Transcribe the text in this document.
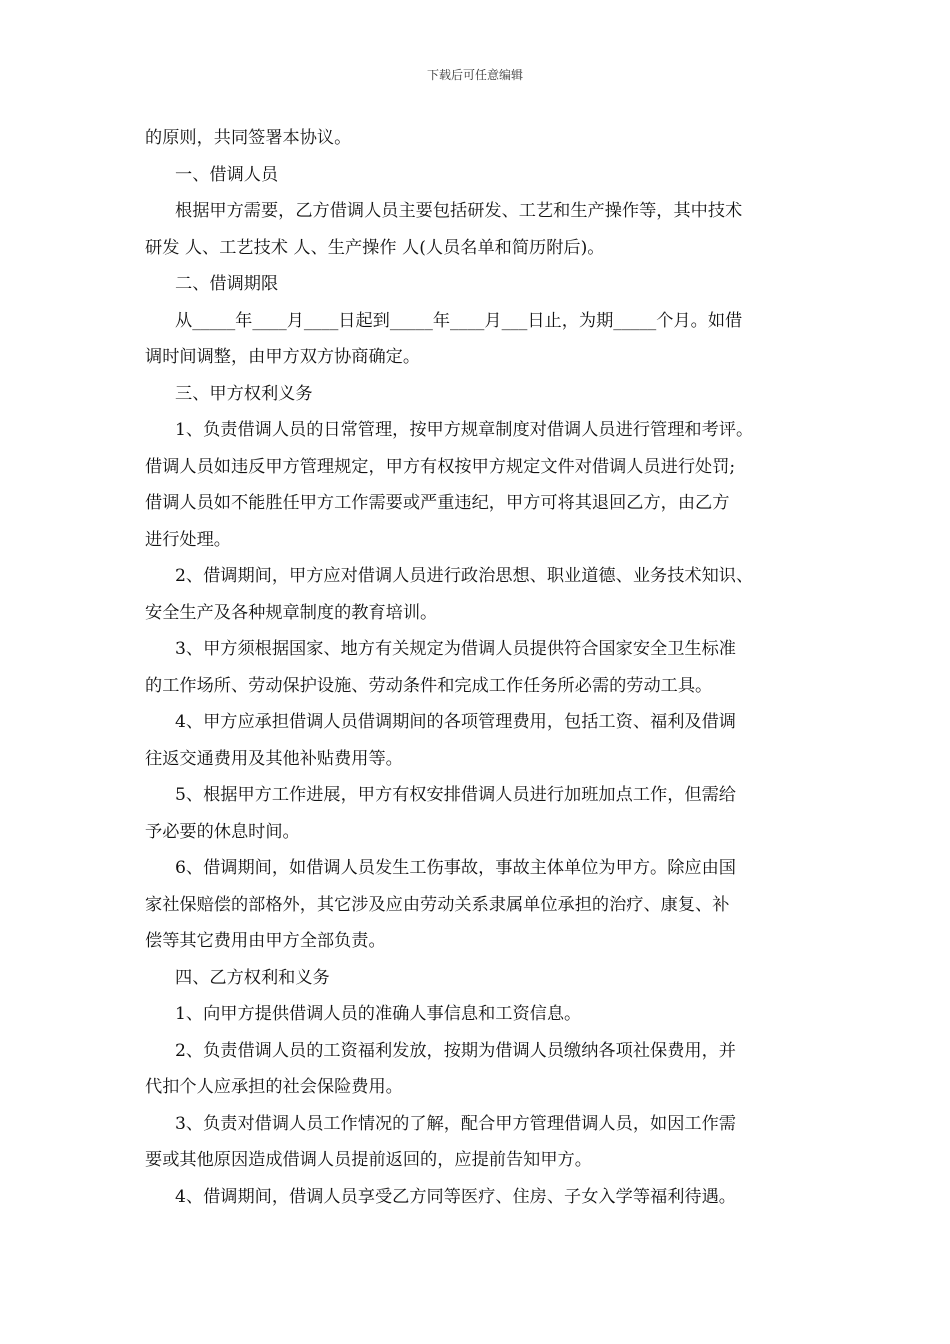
下载后可任意编辑
的原则，共同签署本协议。
一、借调人员
根据甲方需要，乙方借调人员主要包括研发、工艺和生产操作等，其中技术
研发 人、工艺技术 人、生产操作 人(人员名单和简历附后)。
二、借调期限
从_____年____月____日起到_____年____月___日止，为期_____个月。如借
调时间调整，由甲方双方协商确定。
三、甲方权利义务
1、负责借调人员的日常管理，按甲方规章制度对借调人员进行管理和考评。
借调人员如违反甲方管理规定，甲方有权按甲方规定文件对借调人员进行处罚;
借调人员如不能胜任甲方工作需要或严重违纪，甲方可将其退回乙方，由乙方
进行处理。
2、借调期间，甲方应对借调人员进行政治思想、职业道德、业务技术知识、
安全生产及各种规章制度的教育培训。
3、甲方须根据国家、地方有关规定为借调人员提供符合国家安全卫生标准
的工作场所、劳动保护设施、劳动条件和完成工作任务所必需的劳动工具。
4、甲方应承担借调人员借调期间的各项管理费用，包括工资、福利及借调
往返交通费用及其他补贴费用等。
5、根据甲方工作进展，甲方有权安排借调人员进行加班加点工作，但需给
予必要的休息时间。
6、借调期间，如借调人员发生工伤事故，事故主体单位为甲方。除应由国
家社保赔偿的部格外，其它涉及应由劳动关系隶属单位承担的治疗、康复、补
偿等其它费用由甲方全部负责。
四、乙方权利和义务
1、向甲方提供借调人员的准确人事信息和工资信息。
2、负责借调人员的工资福利发放，按期为借调人员缴纳各项社保费用，并
代扣个人应承担的社会保险费用。
3、负责对借调人员工作情况的了解，配合甲方管理借调人员，如因工作需
要或其他原因造成借调人员提前返回的，应提前告知甲方。
4、借调期间，借调人员享受乙方同等医疗、住房、子女入学等福利待遇。
